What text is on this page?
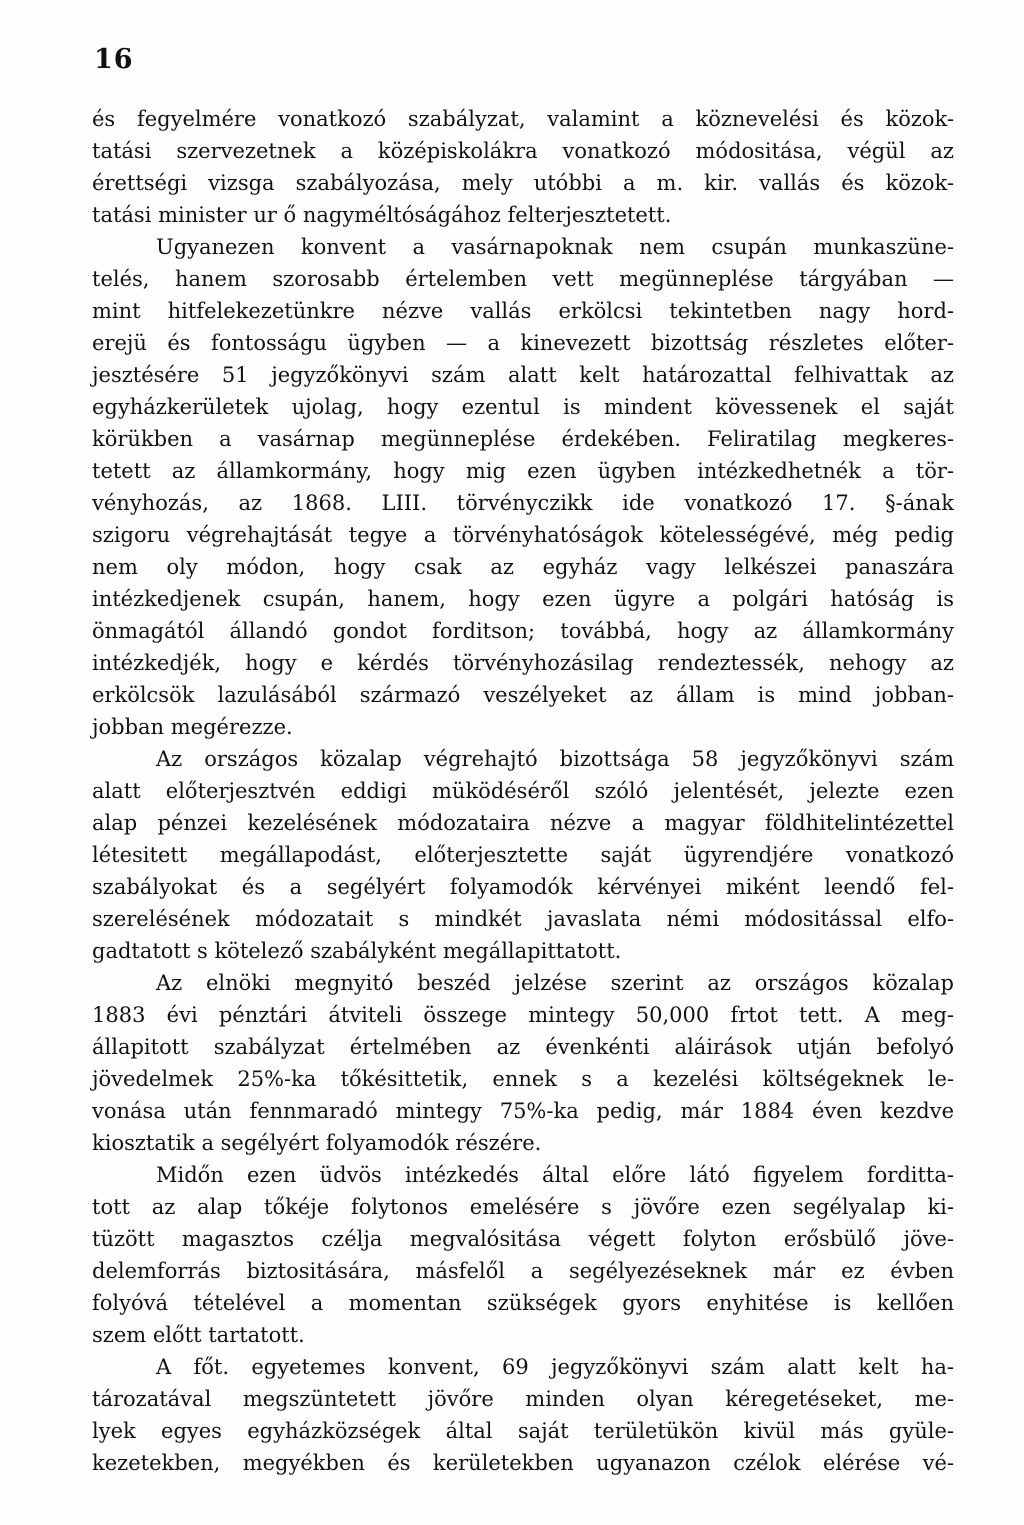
16
és fegyelmére vonatkozó szabályzat, valamint a köznevelési és közok-
tatási szervezetnek a középiskolákra vonatkozó módositása, végül az
érettségi vizsga szabályozása, mely utóbbi a m. kir. vallás és közok-
tatási minister ur ő nagyméltóságához felterjesztetett.
Ugyanezen konvent a vasárnapoknak nem csupán munkaszüne-
telés, hanem szorosabb értelemben vett megünneplése tárgyában —
mint hitfelekezetünkre nézve vallás erkölcsi tekintetben nagy hord-
erejü és fontosságu ügyben — a kinevezett bizottság részletes előter-
jesztésére 51 jegyzőkönyvi szám alatt kelt határozattal felhivattak az
egyházkerületek ujolag, hogy ezentul is mindent kövessenek el saját
körükben a vasárnap megünneplése érdekében. Feliratilag megkeres-
tetett az államkormány, hogy mig ezen ügyben intézkedhetnék a tör-
vényhozás, az 1868. LIII. törvényczikk ide vonatkozó 17. §-ának
szigoru végrehajtását tegye a törvényhatóságok kötelességévé, még pedig
nem oly módon, hogy csak az egyház vagy lelkészei panaszára
intézkedjenek csupán, hanem, hogy ezen ügyre a polgári hatóság is
önmagától állandó gondot forditson; továbbá, hogy az államkormány
intézkedjék, hogy e kérdés törvényhozásilag rendeztessék, nehogy az
erkölcsök lazulásából származó veszélyeket az állam is mind jobban-
jobban megérezze.
Az országos közalap végrehajtó bizottsága 58 jegyzőkönyvi szám
alatt előterjesztvén eddigi müködéséről szóló jelentését, jelezte ezen
alap pénzei kezelésének módozataira nézve a magyar földhitelintézettel
létesitett megállapodást, előterjesztette saját ügyrendjére vonatkozó
szabályokat és a segélyért folyamodók kérvényei miként leendő fel-
szerelésének módozatait s mindkét javaslata némi módositással elfo-
gadtatott s kötelező szabályként megállapittatott.
Az elnöki megnyitó beszéd jelzése szerint az országos közalap
1883 évi pénztári átviteli összege mintegy 50,000 frtot tett. A meg-
állapitott szabályzat értelmében az évenkénti aláirások utján befolyó
jövedelmek 25%-ka tőkésittetik, ennek s a kezelési költségeknek le-
vonása után fennmaradó mintegy 75%-ka pedig, már 1884 éven kezdve
kiosztatik a segélyért folyamodók részére.
Midőn ezen üdvös intézkedés által előre látó figyelem forditta-
tott az alap tőkéje folytonos emelésére s jövőre ezen segélyalap ki-
tüzött magasztos czélja megvalósitása végett folyton erősbülő jöve-
delemforrás biztositására, másfelől a segélyezéseknek már ez évben
folyóvá tételével a momentan szükségek gyors enyhitése is kellően
szem előtt tartatott.
A főt. egyetemes konvent, 69 jegyzőkönyvi szám alatt kelt ha-
tározatával megszüntetett jövőre minden olyan kéregetéseket, me-
lyek egyes egyházközségek által saját területükön kivül más gyüle-
kezetekben, megyékben és kerületekben ugyanazon czélok elérése vé-
